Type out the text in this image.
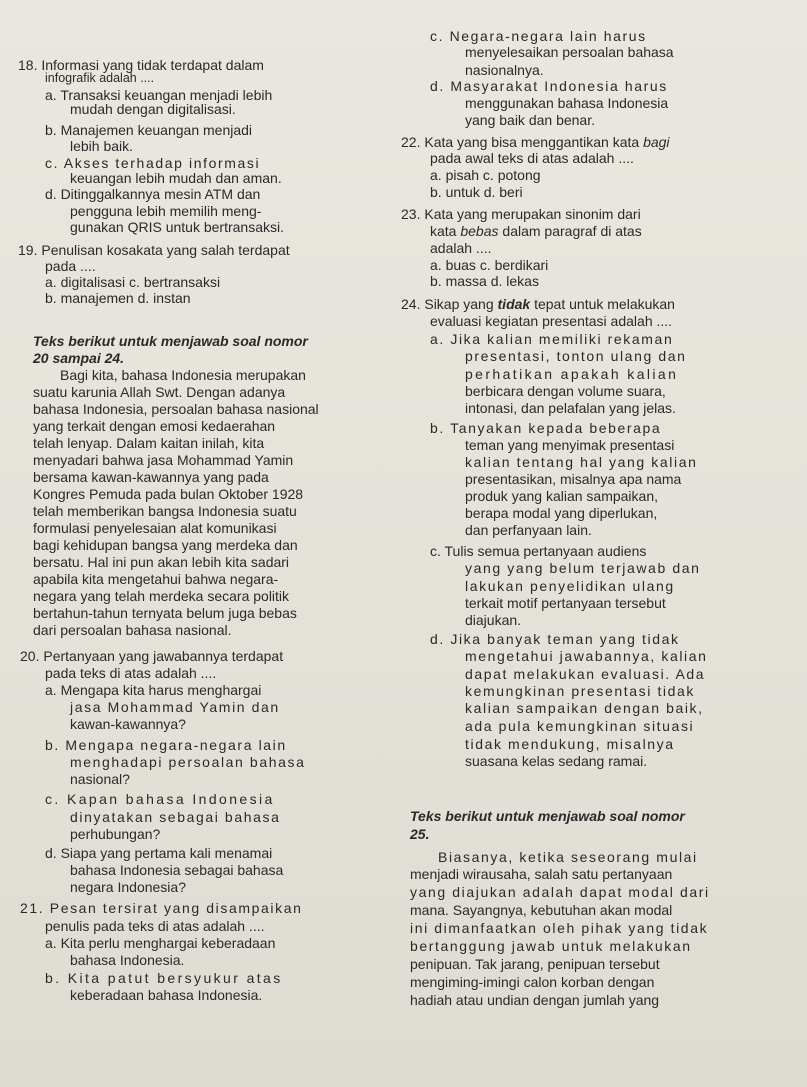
18. Informasi yang tidak terdapat dalam
infografik adalah ....
a. Transaksi keuangan menjadi lebih
mudah dengan digitalisasi.
b. Manajemen keuangan menjadi
lebih baik.
c. Akses terhadap informasi
keuangan lebih mudah dan aman.
d. Ditinggalkannya mesin ATM dan
pengguna lebih memilih meng-
gunakan QRIS untuk bertransaksi.
19. Penulisan kosakata yang salah terdapat
pada ....
a. digitalisasi c. bertransaksi
b. manajemen d. instan
Teks berikut untuk menjawab soal nomor
20 sampai 24.
Bagi kita, bahasa Indonesia merupakan
suatu karunia Allah Swt. Dengan adanya
bahasa Indonesia, persoalan bahasa nasional
yang terkait dengan emosi kedaerahan
telah lenyap. Dalam kaitan inilah, kita
menyadari bahwa jasa Mohammad Yamin
bersama kawan-kawannya yang pada
Kongres Pemuda pada bulan Oktober 1928
telah memberikan bangsa Indonesia suatu
formulasi penyelesaian alat komunikasi
bagi kehidupan bangsa yang merdeka dan
bersatu. Hal ini pun akan lebih kita sadari
apabila kita mengetahui bahwa negara-
negara yang telah merdeka secara politik
bertahun-tahun ternyata belum juga bebas
dari persoalan bahasa nasional.
20. Pertanyaan yang jawabannya terdapat
pada teks di atas adalah ....
a. Mengapa kita harus menghargai
jasa Mohammad Yamin dan
kawan-kawannya?
b. Mengapa negara-negara lain
menghadapi persoalan bahasa
nasional?
c. Kapan bahasa Indonesia
dinyatakan sebagai bahasa
perhubungan?
d. Siapa yang pertama kali menamai
bahasa Indonesia sebagai bahasa
negara Indonesia?
21. Pesan tersirat yang disampaikan
penulis pada teks di atas adalah ....
a. Kita perlu menghargai keberadaan
bahasa Indonesia.
b. Kita patut bersyukur atas
keberadaan bahasa Indonesia.
c. Negara-negara lain harus
menyelesaikan persoalan bahasa
nasionalnya.
d. Masyarakat Indonesia harus
menggunakan bahasa Indonesia
yang baik dan benar.
22. Kata yang bisa menggantikan kata bagi
pada awal teks di atas adalah ....
a. pisah c. potong
b. untuk d. beri
23. Kata yang merupakan sinonim dari
kata bebas dalam paragraf di atas
adalah ....
a. buas c. berdikari
b. massa d. lekas
24. Sikap yang tidak tepat untuk melakukan
evaluasi kegiatan presentasi adalah ....
a. Jika kalian memiliki rekaman
presentasi, tonton ulang dan
perhatikan apakah kalian
berbicara dengan volume suara,
intonasi, dan pelafalan yang jelas.
b. Tanyakan kepada beberapa
teman yang menyimak presentasi
kalian tentang hal yang kalian
presentasikan, misalnya apa nama
produk yang kalian sampaikan,
berapa modal yang diperlukan,
dan perfanyaan lain.
c. Tulis semua pertanyaan audiens
yang yang belum terjawab dan
lakukan penyelidikan ulang
terkait motif pertanyaan tersebut
diajukan.
d. Jika banyak teman yang tidak
mengetahui jawabannya, kalian
dapat melakukan evaluasi. Ada
kemungkinan presentasi tidak
kalian sampaikan dengan baik,
ada pula kemungkinan situasi
tidak mendukung, misalnya
suasana kelas sedang ramai.
Teks berikut untuk menjawab soal nomor
25.
Biasanya, ketika seseorang mulai
menjadi wirausaha, salah satu pertanyaan
yang diajukan adalah dapat modal dari
mana. Sayangnya, kebutuhan akan modal
ini dimanfaatkan oleh pihak yang tidak
bertanggung jawab untuk melakukan
penipuan. Tak jarang, penipuan tersebut
mengiming-imingi calon korban dengan
hadiah atau undian dengan jumlah yang
